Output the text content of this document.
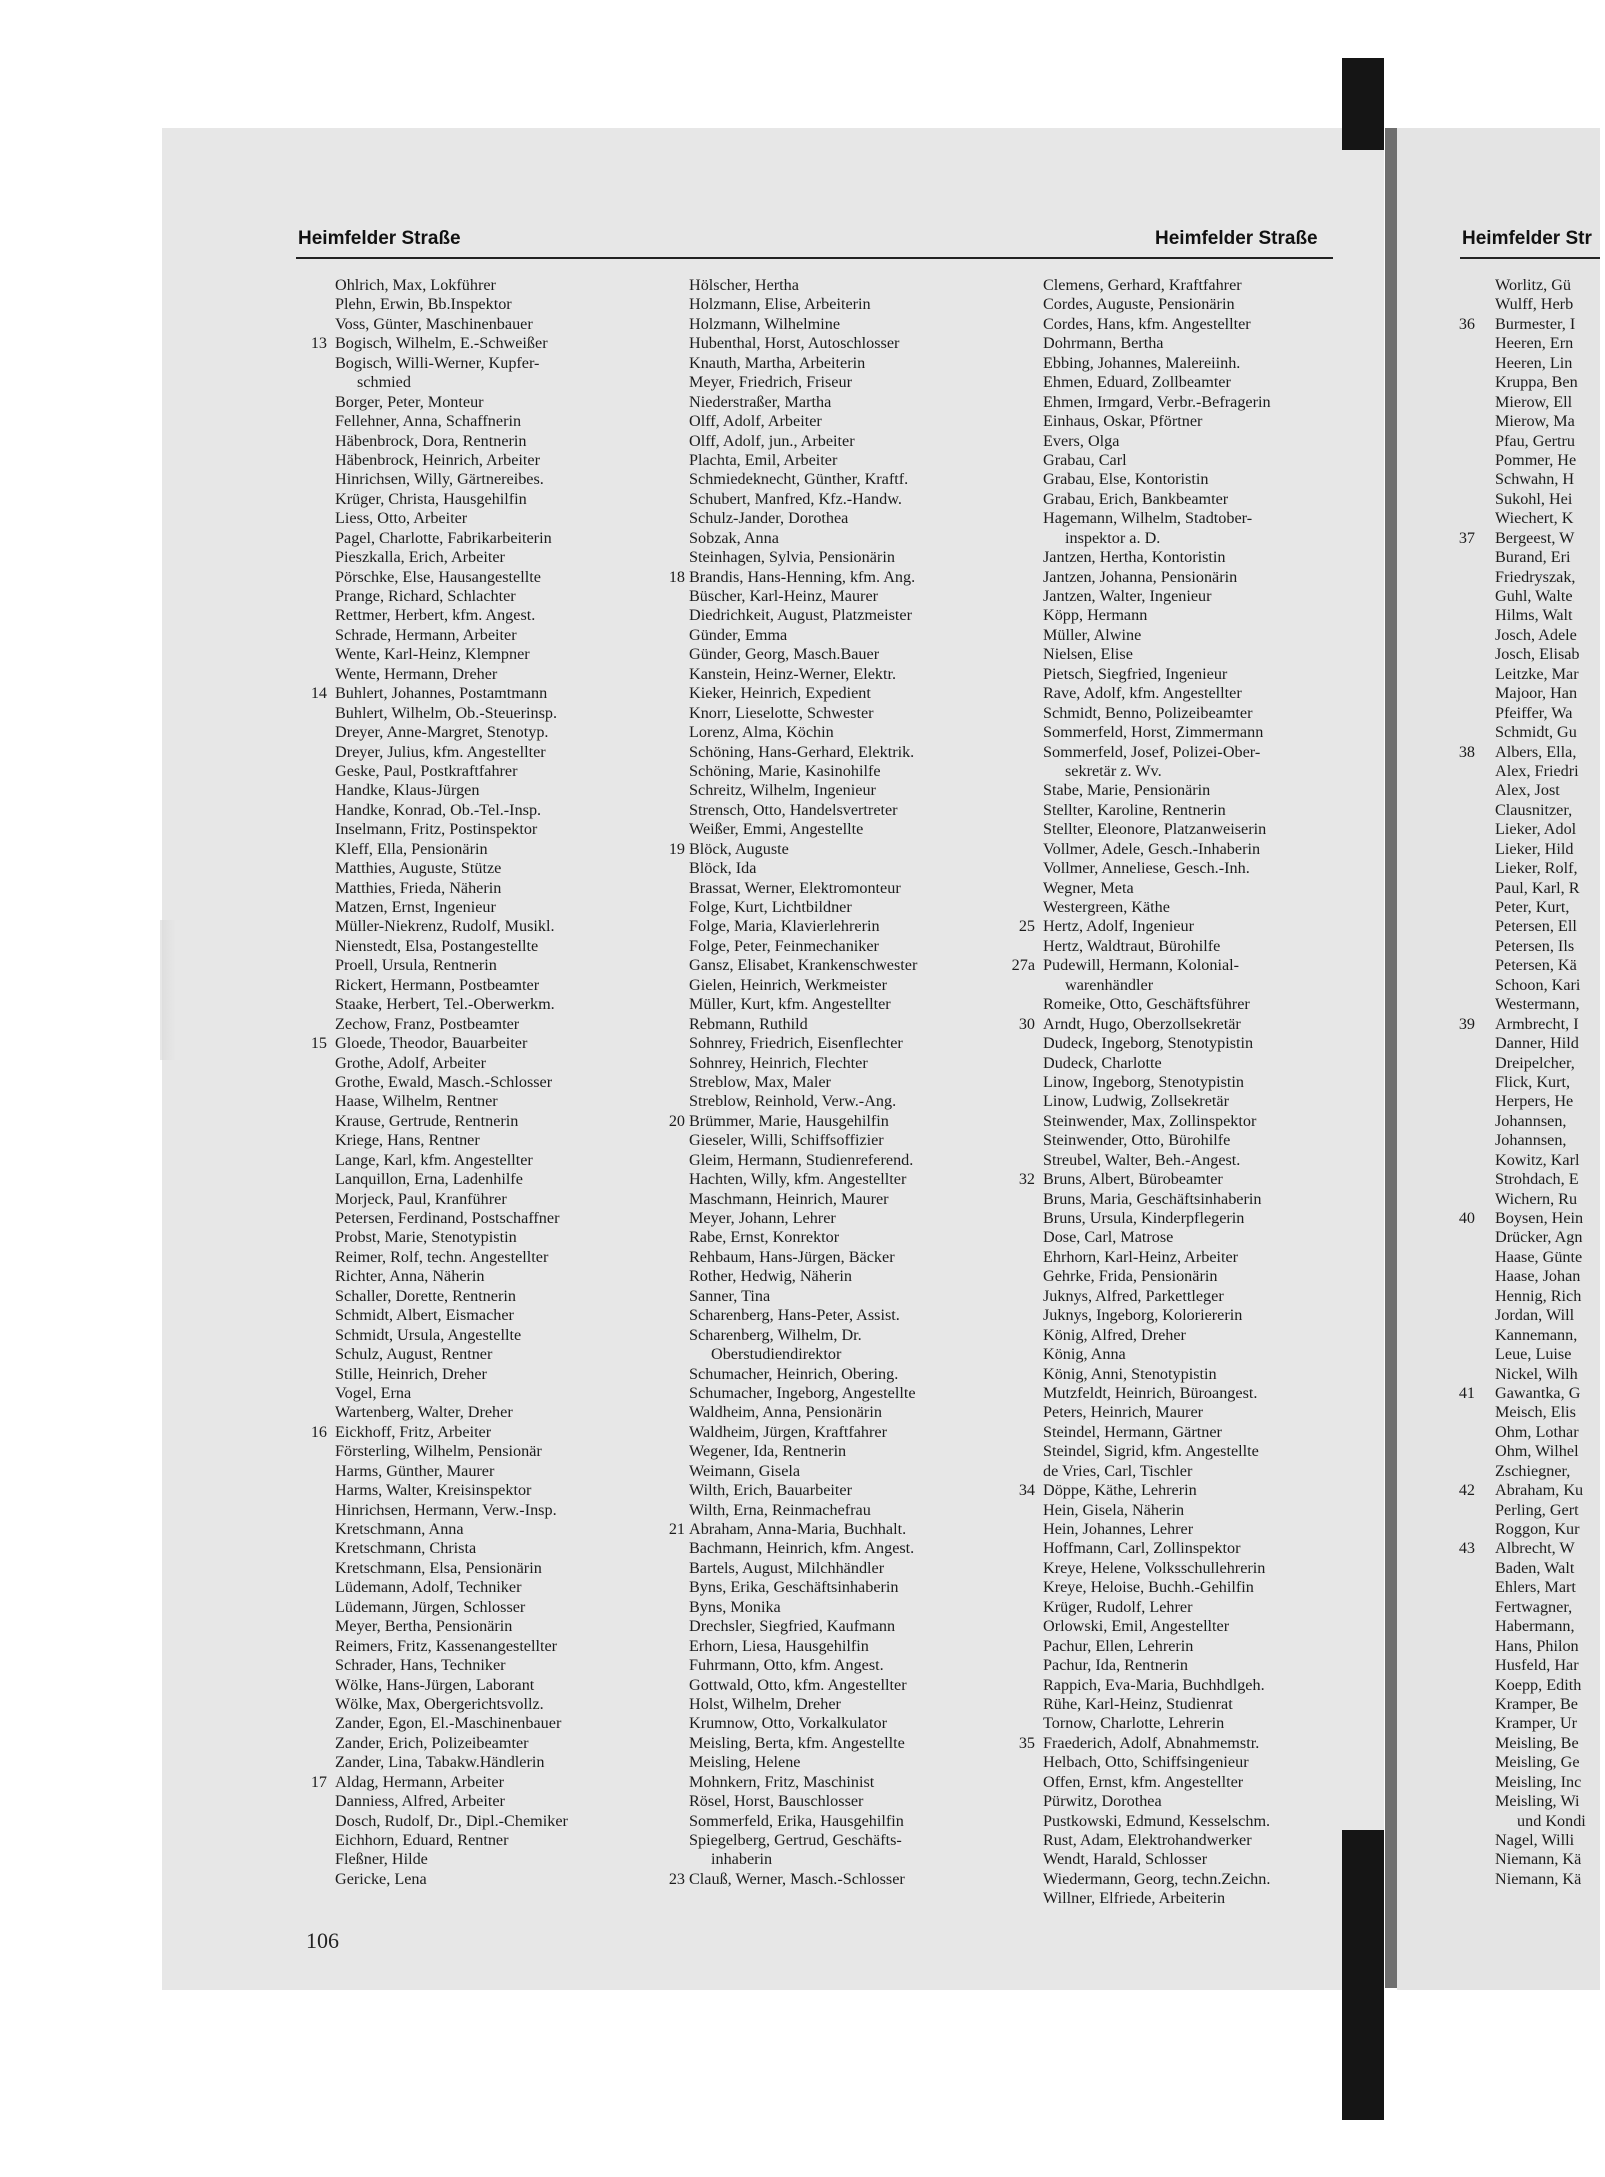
Heimfelder Straße	Heimfelder Straße	Heimfelder Str
Ohlrich, Max, Lokführer
Plehn, Erwin, Bb.Inspektor
Voss, Günter, Maschinenbauer
13 Bogisch, Wilhelm, E.-Schweißer
Bogisch, Willi-Werner, Kupfer-
schmied
Borger, Peter, Monteur
Fellehner, Anna, Schaffnerin
Häbenbrock, Dora, Rentnerin
Häbenbrock, Heinrich, Arbeiter
Hinrichsen, Willy, Gärtnereibes.
Krüger, Christa, Hausgehilfin
Liess, Otto, Arbeiter
Pagel, Charlotte, Fabrikarbeiterin
Pieszkalla, Erich, Arbeiter
Pörschke, Else, Hausangestellte
Prange, Richard, Schlachter
Rettmer, Herbert, kfm. Angest.
Schrade, Hermann, Arbeiter
Wente, Karl-Heinz, Klempner
Wente, Hermann, Dreher
14 Buhlert, Johannes, Postamtmann
Buhlert, Wilhelm, Ob.-Steuerinsp.
Dreyer, Anne-Margret, Stenotyp.
Dreyer, Julius, kfm. Angestellter
Geske, Paul, Postkraftfahrer
Handke, Klaus-Jürgen
Handke, Konrad, Ob.-Tel.-Insp.
Inselmann, Fritz, Postinspektor
Kleff, Ella, Pensionärin
Matthies, Auguste, Stütze
Matthies, Frieda, Näherin
Matzen, Ernst, Ingenieur
Müller-Niekrenz, Rudolf, Musikl.
Nienstedt, Elsa, Postangestellte
Proell, Ursula, Rentnerin
Rickert, Hermann, Postbeamter
Staake, Herbert, Tel.-Oberwerkm.
Zechow, Franz, Postbeamter
15 Gloede, Theodor, Bauarbeiter
Grothe, Adolf, Arbeiter
Grothe, Ewald, Masch.-Schlosser
Haase, Wilhelm, Rentner
Krause, Gertrude, Rentnerin
Kriege, Hans, Rentner
Lange, Karl, kfm. Angestellter
Lanquillon, Erna, Ladenhilfe
Morjeck, Paul, Kranführer
Petersen, Ferdinand, Postschaffner
Probst, Marie, Stenotypistin
Reimer, Rolf, techn. Angestellter
Richter, Anna, Näherin
Schaller, Dorette, Rentnerin
Schmidt, Albert, Eismacher
Schmidt, Ursula, Angestellte
Schulz, August, Rentner
Stille, Heinrich, Dreher
Vogel, Erna
Wartenberg, Walter, Dreher
16 Eickhoff, Fritz, Arbeiter
Försterling, Wilhelm, Pensionär
Harms, Günther, Maurer
Harms, Walter, Kreisinspektor
Hinrichsen, Hermann, Verw.-Insp.
Kretschmann, Anna
Kretschmann, Christa
Kretschmann, Elsa, Pensionärin
Lüdemann, Adolf, Techniker
Lüdemann, Jürgen, Schlosser
Meyer, Bertha, Pensionärin
Reimers, Fritz, Kassenangestellter
Schrader, Hans, Techniker
Wölke, Hans-Jürgen, Laborant
Wölke, Max, Obergerichtsvollz.
Zander, Egon, El.-Maschinenbauer
Zander, Erich, Polizeibeamter
Zander, Lina, Tabakw.Händlerin
17 Aldag, Hermann, Arbeiter
Danniess, Alfred, Arbeiter
Dosch, Rudolf, Dr., Dipl.-Chemiker
Eichhorn, Eduard, Rentner
Fleßner, Hilde
Gericke, Lena
Hölscher, Hertha
Holzmann, Elise, Arbeiterin
Holzmann, Wilhelmine
Hubenthal, Horst, Autoschlosser
Knauth, Martha, Arbeiterin
Meyer, Friedrich, Friseur
Niederstraßer, Martha
Olff, Adolf, Arbeiter
Olff, Adolf, jun., Arbeiter
Plachta, Emil, Arbeiter
Schmiedeknecht, Günther, Kraftf.
Schubert, Manfred, Kfz.-Handw.
Schulz-Jander, Dorothea
Sobzak, Anna
Steinhagen, Sylvia, Pensionärin
18 Brandis, Hans-Henning, kfm. Ang.
Büscher, Karl-Heinz, Maurer
Diedrichkeit, August, Platzmeister
Günder, Emma
Günder, Georg, Masch.Bauer
Kanstein, Heinz-Werner, Elektr.
Kieker, Heinrich, Expedient
Knorr, Lieselotte, Schwester
Lorenz, Alma, Köchin
Schöning, Hans-Gerhard, Elektrik.
Schöning, Marie, Kasinohilfe
Schreitz, Wilhelm, Ingenieur
Strensch, Otto, Handelsvertreter
Weißer, Emmi, Angestellte
19 Blöck, Auguste
Blöck, Ida
Brassat, Werner, Elektromonteur
Folge, Kurt, Lichtbildner
Folge, Maria, Klavierlehrerin
Folge, Peter, Feinmechaniker
Gansz, Elisabet, Krankenschwester
Gielen, Heinrich, Werkmeister
Müller, Kurt, kfm. Angestellter
Rebmann, Ruthild
Sohnrey, Friedrich, Eisenflechter
Sohnrey, Heinrich, Flechter
Streblow, Max, Maler
Streblow, Reinhold, Verw.-Ang.
20 Brümmer, Marie, Hausgehilfin
Gieseler, Willi, Schiffsoffizier
Gleim, Hermann, Studienreferend.
Hachten, Willy, kfm. Angestellter
Maschmann, Heinrich, Maurer
Meyer, Johann, Lehrer
Rabe, Ernst, Konrektor
Rehbaum, Hans-Jürgen, Bäcker
Rother, Hedwig, Näherin
Sanner, Tina
Scharenberg, Hans-Peter, Assist.
Scharenberg, Wilhelm, Dr.
Oberstudiendirektor
Schumacher, Heinrich, Obering.
Schumacher, Ingeborg, Angestellte
Waldheim, Anna, Pensionärin
Waldheim, Jürgen, Kraftfahrer
Wegener, Ida, Rentnerin
Weimann, Gisela
Wilth, Erich, Bauarbeiter
Wilth, Erna, Reinmachefrau
21 Abraham, Anna-Maria, Buchhalt.
Bachmann, Heinrich, kfm. Angest.
Bartels, August, Milchhändler
Byns, Erika, Geschäftsinhaberin
Byns, Monika
Drechsler, Siegfried, Kaufmann
Erhorn, Liesa, Hausgehilfin
Fuhrmann, Otto, kfm. Angest.
Gottwald, Otto, kfm. Angestellter
Holst, Wilhelm, Dreher
Krumnow, Otto, Vorkalkulator
Meisling, Berta, kfm. Angestellte
Meisling, Helene
Mohnkern, Fritz, Maschinist
Rösel, Horst, Bauschlosser
Sommerfeld, Erika, Hausgehilfin
Spiegelberg, Gertrud, Geschäfts-
inhaberin
23 Clauß, Werner, Masch.-Schlosser
Clemens, Gerhard, Kraftfahrer
Cordes, Auguste, Pensionärin
Cordes, Hans, kfm. Angestellter
Dohrmann, Bertha
Ebbing, Johannes, Malereiinh.
Ehmen, Eduard, Zollbeamter
Ehmen, Irmgard, Verbr.-Befragerin
Einhaus, Oskar, Pförtner
Evers, Olga
Grabau, Carl
Grabau, Else, Kontoristin
Grabau, Erich, Bankbeamter
Hagemann, Wilhelm, Stadtober-
inspektor a. D.
Jantzen, Hertha, Kontoristin
Jantzen, Johanna, Pensionärin
Jantzen, Walter, Ingenieur
Köpp, Hermann
Müller, Alwine
Nielsen, Elise
Pietsch, Siegfried, Ingenieur
Rave, Adolf, kfm. Angestellter
Schmidt, Benno, Polizeibeamter
Sommerfeld, Horst, Zimmermann
Sommerfeld, Josef, Polizei-Ober-
sekretär z. Wv.
Stabe, Marie, Pensionärin
Stellter, Karoline, Rentnerin
Stellter, Eleonore, Platzanweiserin
Vollmer, Adele, Gesch.-Inhaberin
Vollmer, Anneliese, Gesch.-Inh.
Wegner, Meta
Westergreen, Käthe
25 Hertz, Adolf, Ingenieur
Hertz, Waldtraut, Bürohilfe
27a Pudewill, Hermann, Kolonial-
warenhändler
Romeike, Otto, Geschäftsführer
30 Arndt, Hugo, Oberzollsekretär
Dudeck, Ingeborg, Stenotypistin
Dudeck, Charlotte
Linow, Ingeborg, Stenotypistin
Linow, Ludwig, Zollsekretär
Steinwender, Max, Zollinspektor
Steinwender, Otto, Bürohilfe
Streubel, Walter, Beh.-Angest.
32 Bruns, Albert, Bürobeamter
Bruns, Maria, Geschäftsinhaberin
Bruns, Ursula, Kinderpflegerin
Dose, Carl, Matrose
Ehrhorn, Karl-Heinz, Arbeiter
Gehrke, Frida, Pensionärin
Juknys, Alfred, Parkettleger
Juknys, Ingeborg, Koloriererin
König, Alfred, Dreher
König, Anna
König, Anni, Stenotypistin
Mutzfeldt, Heinrich, Büroangest.
Peters, Heinrich, Maurer
Steindel, Hermann, Gärtner
Steindel, Sigrid, kfm. Angestellte
de Vries, Carl, Tischler
34 Döppe, Käthe, Lehrerin
Hein, Gisela, Näherin
Hein, Johannes, Lehrer
Hoffmann, Carl, Zollinspektor
Kreye, Helene, Volksschullehrerin
Kreye, Heloise, Buchh.-Gehilfin
Krüger, Rudolf, Lehrer
Orlowski, Emil, Angestellter
Pachur, Ellen, Lehrerin
Pachur, Ida, Rentnerin
Rappich, Eva-Maria, Buchhdlgeh.
Rühe, Karl-Heinz, Studienrat
Tornow, Charlotte, Lehrerin
35 Fraederich, Adolf, Abnahmemstr.
Helbach, Otto, Schiffsingenieur
Offen, Ernst, kfm. Angestellter
Pürwitz, Dorothea
Pustkowski, Edmund, Kesselschm.
Rust, Adam, Elektrohandwerker
Wendt, Harald, Schlosser
Wiedermann, Georg, techn.Zeichn.
Willner, Elfriede, Arbeiterin
Worlitz, Gü
Wulff, Herb
36 Burmester, I
Heeren, Ern
Heeren, Lin
Kruppa, Ben
Mierow, Ell
Mierow, Ma
Pfau, Gertru
Pommer, He
Schwahn, H
Sukohl, Hei
Wiechert, K
37 Bergeest, W
Burand, Eri
Friedryszak,
Guhl, Walte
Hilms, Walt
Josch, Adele
Josch, Elisab
Leitzke, Mar
Majoor, Han
Pfeiffer, Wa
Schmidt, Gu
38 Albers, Ella,
Alex, Friedri
Alex, Jost
Clausnitzer,
Lieker, Adol
Lieker, Hild
Lieker, Rolf,
Paul, Karl, R
Peter, Kurt,
Petersen, Ell
Petersen, Ils
Petersen, Kä
Schoon, Kari
Westermann,
39 Armbrecht, I
Danner, Hild
Dreipelcher,
Flick, Kurt,
Herpers, He
Johannsen,
Johannsen,
Kowitz, Karl
Strohdach, E
Wichern, Ru
40 Boysen, Hein
Drücker, Agn
Haase, Günte
Haase, Johan
Hennig, Rich
Jordan, Will
Kannemann,
Leue, Luise
Nickel, Wilh
41 Gawantka, G
Meisch, Elis
Ohm, Lothar
Ohm, Wilhel
Zschiegner,
42 Abraham, Ku
Perling, Gert
Roggon, Kur
43 Albrecht, W
Baden, Walt
Ehlers, Mart
Fertwagner,
Habermann,
Hans, Philon
Husfeld, Har
Koepp, Edith
Kramper, Be
Kramper, Ur
Meisling, Be
Meisling, Ge
Meisling, Inc
Meisling, Wi
und Kondi
Nagel, Willi
Niemann, Kä
Niemann, Kä
106
